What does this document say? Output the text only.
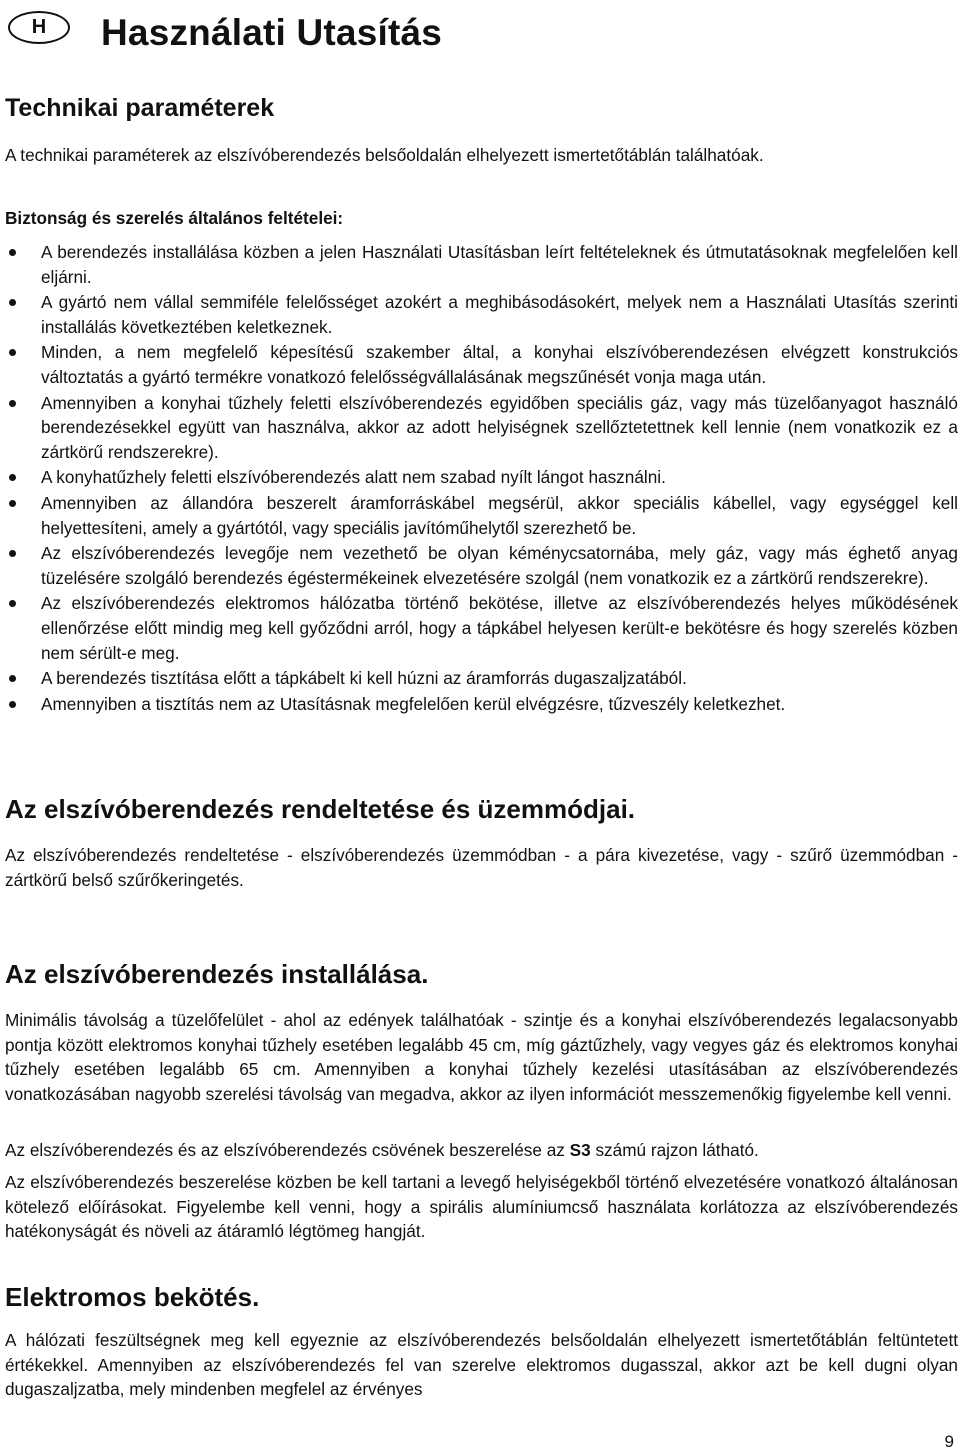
H Használati Utasítás
Technikai paraméterek

A technikai paraméterek az elszívóberendezés belsőoldalán elhelyezett ismertetőtáblán találhatóak.

Biztonság és szerelés általános feltételei:

A berendezés installálása közben a jelen Használati Utasításban leírt feltételeknek és útmutatásoknak megfelelően kell eljárni.
A gyártó nem vállal semmiféle felelősséget azokért a meghibásodásokért, melyek nem a Használati Utasítás szerinti installálás következtében keletkeznek.
Minden, a nem megfelelő képesítésű szakember által, a konyhai elszívóberendezésen elvégzett konstrukciós változtatás a gyártó termékre vonatkozó felelősségvállalásának megszűnését vonja maga után.
Amennyiben a konyhai tűzhely feletti elszívóberendezés egyidőben speciális gáz, vagy más tüzelőanyagot használó berendezésekkel együtt van használva, akkor az adott helyiségnek szellőztetettnek kell lennie (nem vonatkozik ez a zártkörű rendszerekre).
A konyhatűzhely feletti elszívóberendezés alatt nem szabad nyílt lángot használni.
Amennyiben az állandóra beszerelt áramforráskábel megsérül, akkor speciális kábellel, vagy egységgel kell helyettesíteni, amely a gyártótól, vagy speciális javítóműhelytől szerezhető be.
Az elszívóberendezés levegője nem vezethető be olyan kéménycsatornába, mely gáz, vagy más éghető anyag tüzelésére szolgáló berendezés égéstermékeinek elvezetésére szolgál (nem vonatkozik ez a zártkörű rendszerekre).
Az elszívóberendezés elektromos hálózatba történő bekötése, illetve az elszívóberendezés helyes működésének ellenőrzése előtt mindig meg kell győződni arról, hogy a tápkábel helyesen került-e bekötésre és hogy szerelés közben nem sérült-e meg.
A berendezés tisztítása előtt a tápkábelt ki kell húzni az áramforrás dugaszaljzatából.
Amennyiben a tisztítás nem az Utasításnak megfelelően kerül elvégzésre, tűzveszély keletkezhet.
Az elszívóberendezés rendeltetése és üzemmódjai.

Az elszívóberendezés rendeltetése - elszívóberendezés üzemmódban - a pára kivezetése, vagy - szűrő üzemmódban - zártkörű belső szűrőkeringetés.

Az elszívóberendezés installálása.

Minimális távolság a tüzelőfelület - ahol az edények találhatóak - szintje és a konyhai elszívóberendezés legalacsonyabb pontja között elektromos konyhai tűzhely esetében legalább 45 cm, míg gáztűzhely, vagy vegyes gáz és elektromos konyhai tűzhely esetében legalább 65 cm. Amennyiben a konyhai tűzhely kezelési utasításában az elszívóberendezés vonatkozásában nagyobb szerelési távolság van megadva, akkor az ilyen információt messzemenőkig figyelembe kell venni.

Az elszívóberendezés és az elszívóberendezés csövének beszerelése az S3 számú rajzon látható.

Az elszívóberendezés beszerelése közben be kell tartani a levegő helyiségekből történő elvezetésére vonatkozó általánosan kötelező előírásokat. Figyelembe kell venni, hogy a spirális alumíniumcső használata korlátozza az elszívóberendezés hatékonyságát és növeli az átáramló légtömeg hangját.

Elektromos bekötés.

A hálózati feszültségnek meg kell egyeznie az elszívóberendezés belsőoldalán elhelyezett ismertetőtáblán feltüntetett értékekkel. Amennyiben az elszívóberendezés fel van szerelve elektromos dugasszal, akkor azt be kell dugni olyan dugaszaljzatba, mely mindenben megfelel az érvényes

9
